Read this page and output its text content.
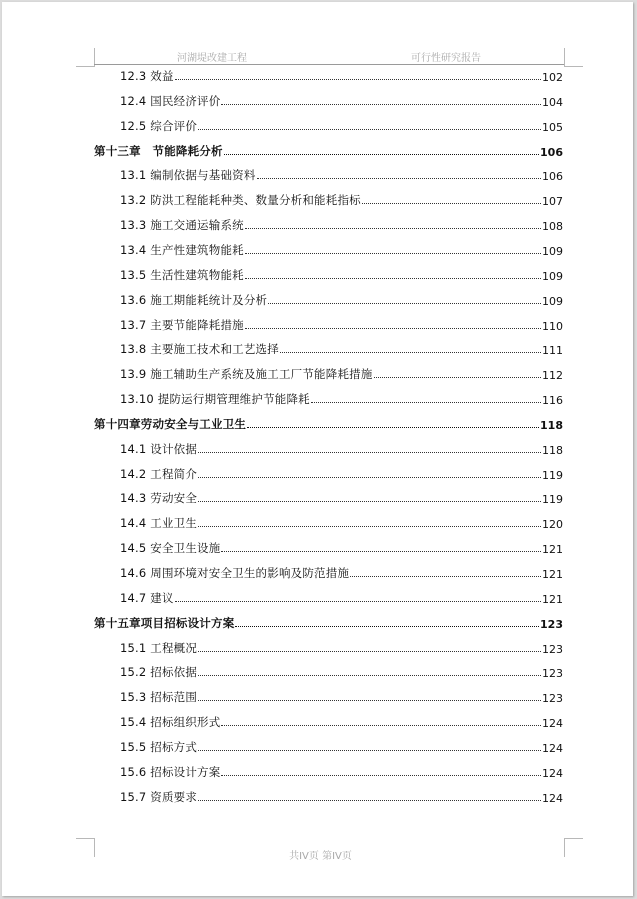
河湖堤改建工程	可行性研究报告
12.3 效益	102
12.4 国民经济评价	104
12.5 综合评价	105
第十三章　节能降耗分析	106
13.1 编制依据与基础资料	106
13.2 防洪工程能耗种类、数量分析和能耗指标	107
13.3 施工交通运输系统	108
13.4 生产性建筑物能耗	109
13.5 生活性建筑物能耗	109
13.6 施工期能耗统计及分析	109
13.7 主要节能降耗措施	110
13.8 主要施工技术和工艺选择	111
13.9 施工辅助生产系统及施工工厂节能降耗措施	112
13.10 提防运行期管理维护节能降耗	116
第十四章劳动安全与工业卫生	118
14.1 设计依据	118
14.2 工程简介	119
14.3 劳动安全	119
14.4 工业卫生	120
14.5 安全卫生设施	121
14.6 周围环境对安全卫生的影响及防范措施	121
14.7 建议	121
第十五章项目招标设计方案	123
15.1 工程概况	123
15.2 招标依据	123
15.3 招标范围	123
15.4 招标组织形式	124
15.5 招标方式	124
15.6 招标设计方案	124
15.7 资质要求	124
共IV页 第IV页
